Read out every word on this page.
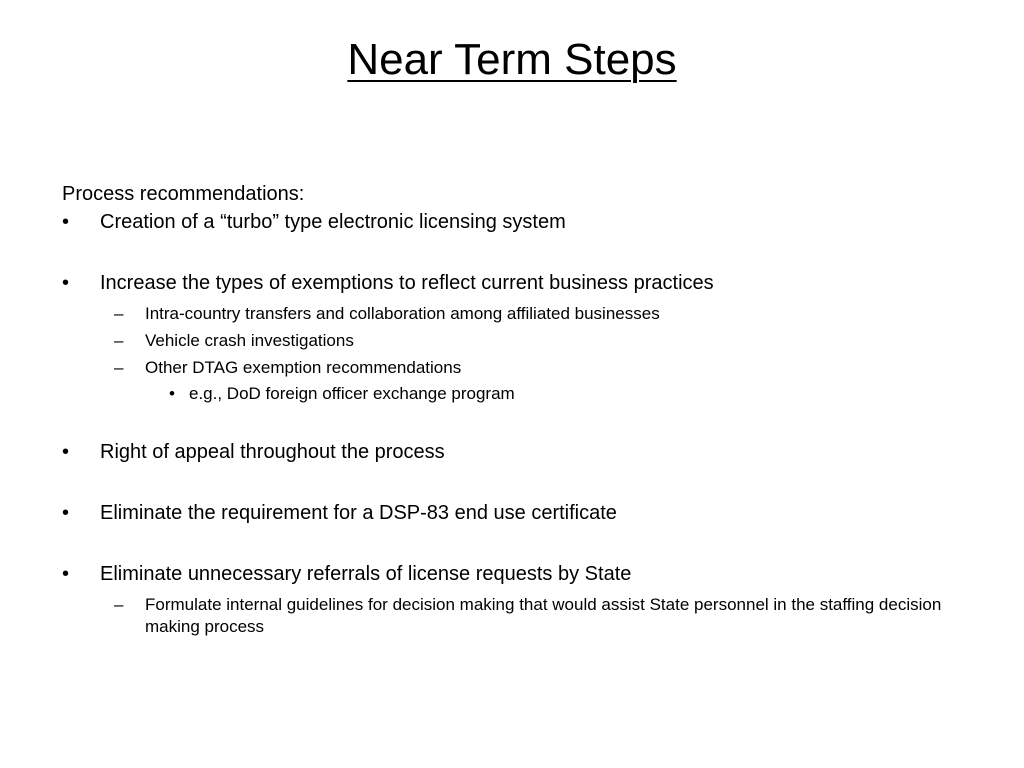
Near Term Steps

Process recommendations:

• Creation of a “turbo” type electronic licensing system

• Increase the types of exemptions to reflect current business practices

– Intra-country transfers and collaboration among affiliated businesses

– Vehicle crash investigations

– Other DTAG exemption recommendations

• e.g., DoD foreign officer exchange program

• Right of appeal throughout the process

• Eliminate the requirement for a DSP-83 end use certificate

• Eliminate unnecessary referrals of license requests by State

– Formulate internal guidelines for decision making that would assist State personnel in the staffing decision making process
